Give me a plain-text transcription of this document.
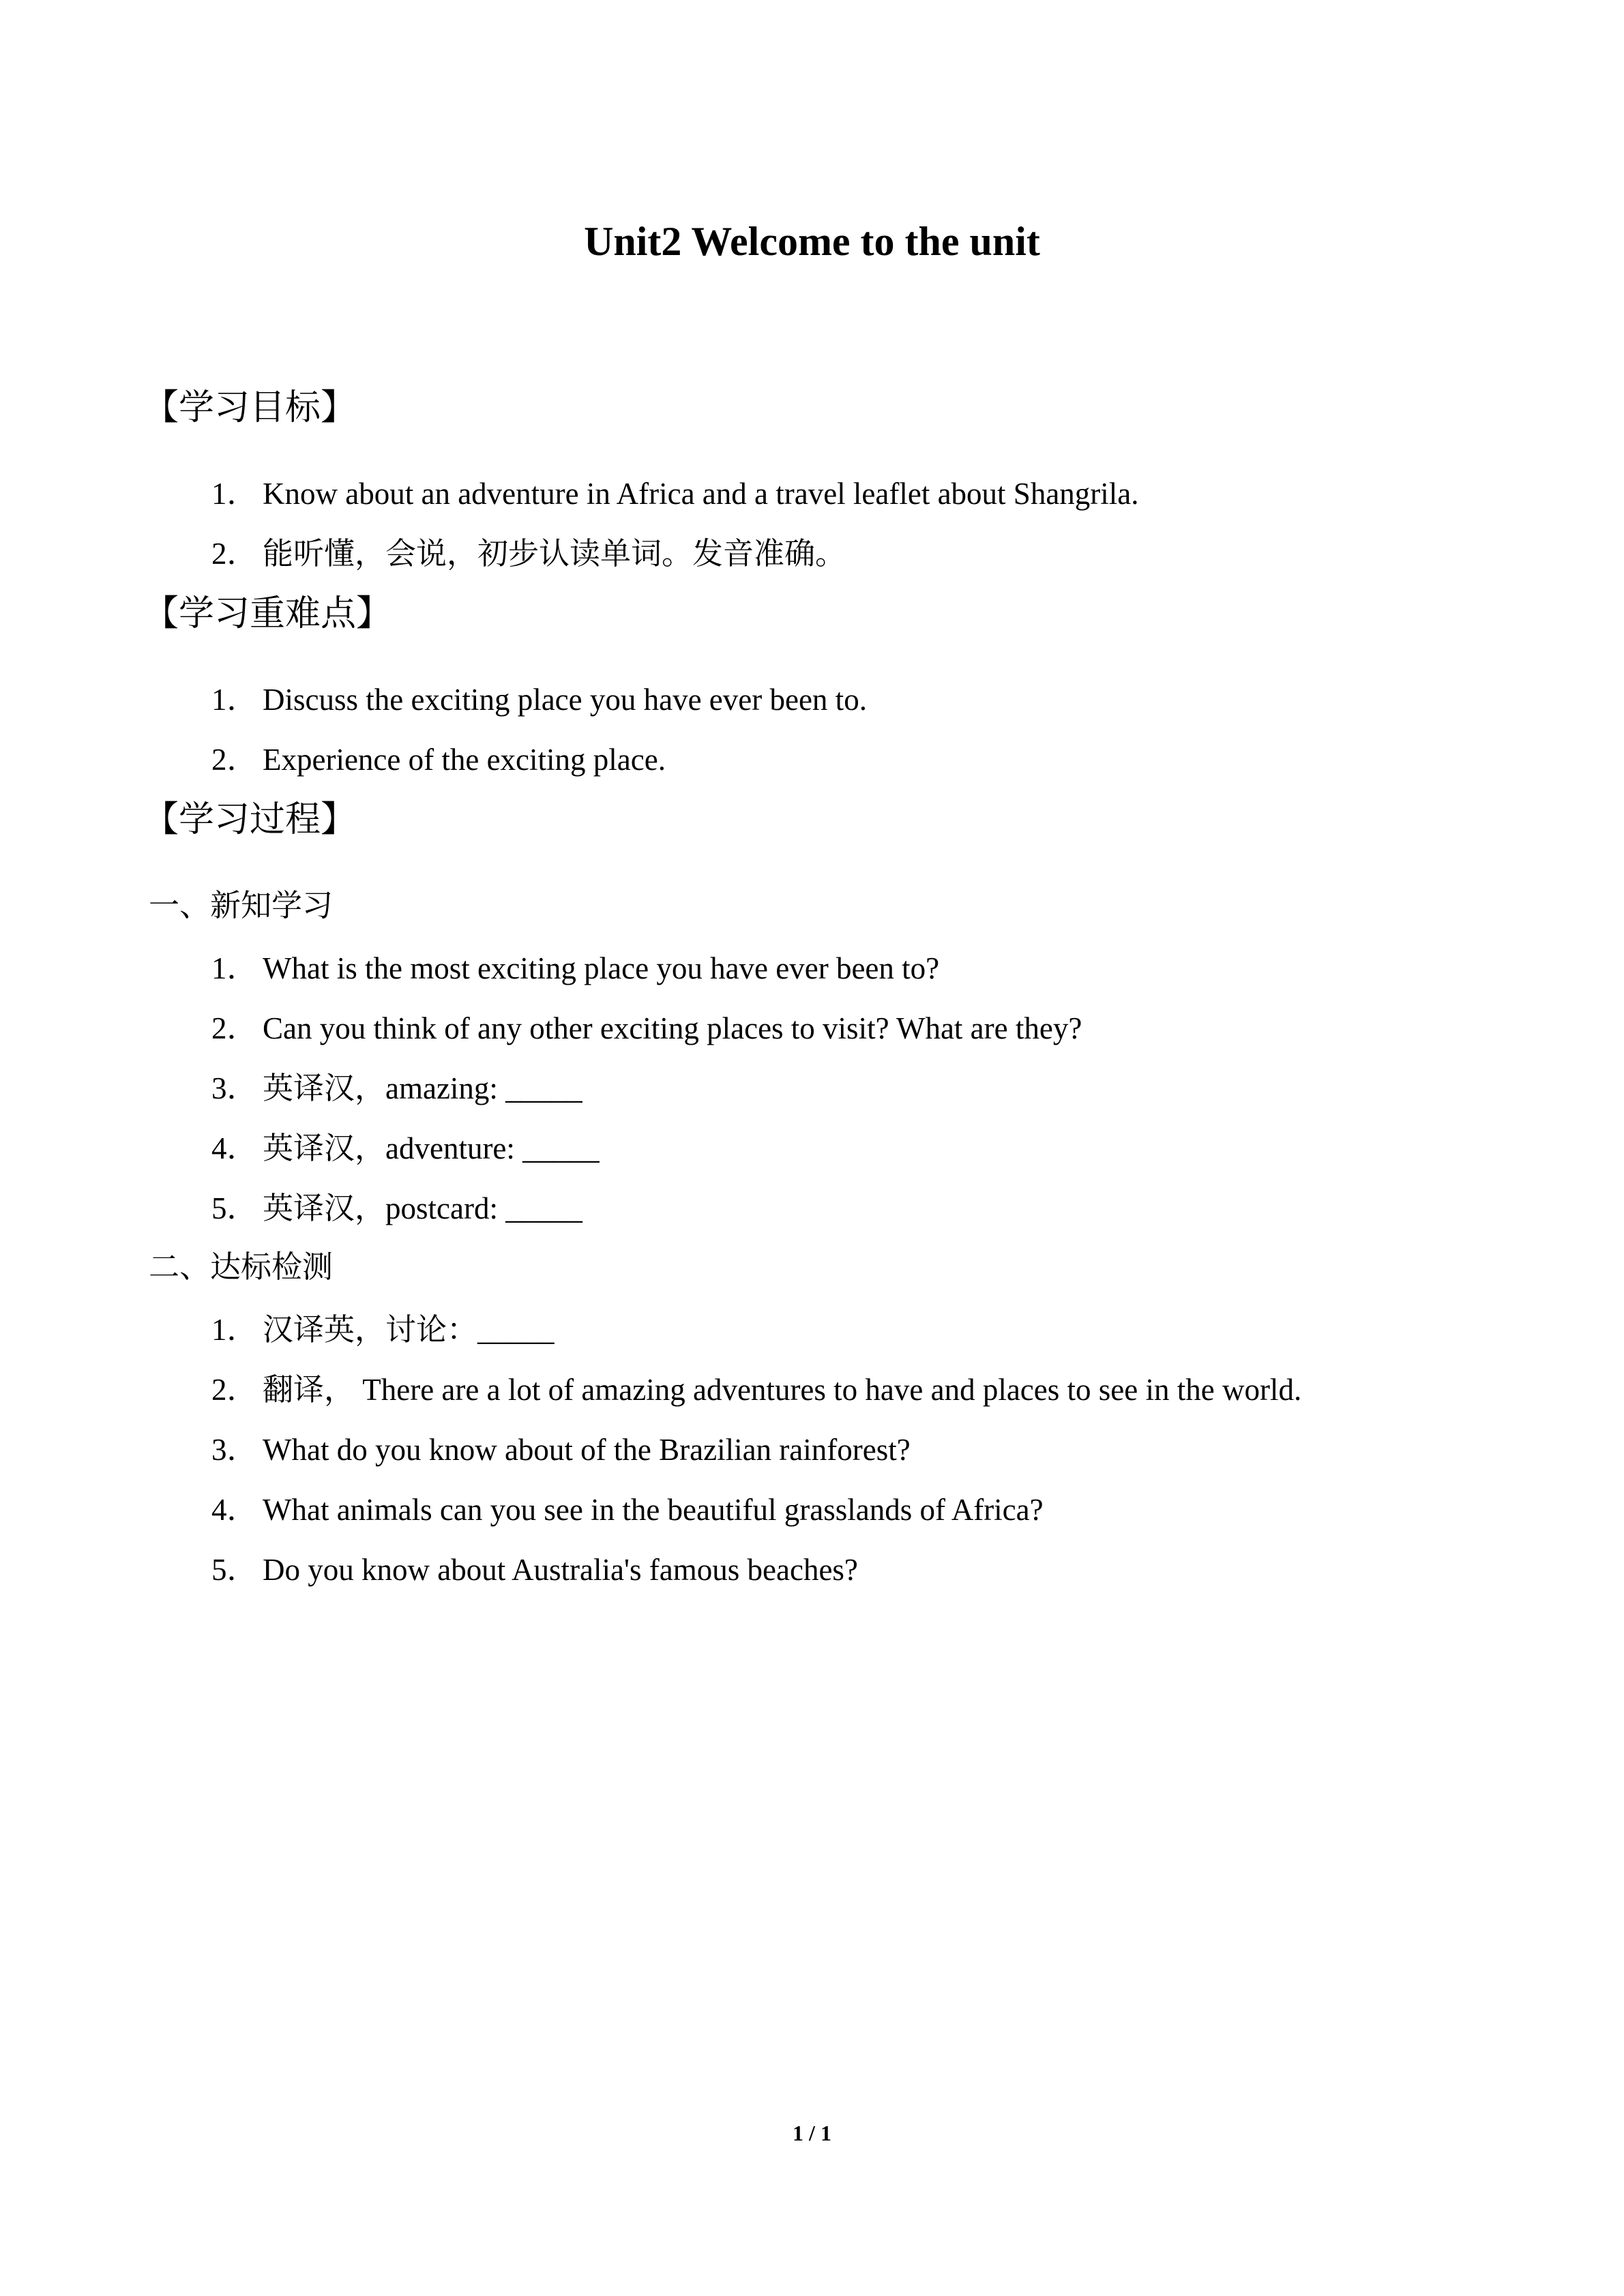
Unit2 Welcome to the unit
【学习目标】
1． Know about an adventure in Africa and a travel leaflet about Shangrila.
2． 能听懂，会说，初步认读单词。发音准确。
【学习重难点】
1． Discuss the exciting place you have ever been to.
2． Experience of the exciting place.
【学习过程】
一、新知学习
1． What is the most exciting place you have ever been to?
2． Can you think of any other exciting places to visit? What are they?
3． 英译汉，amazing: _____
4． 英译汉，adventure: _____
5． 英译汉，postcard: _____
二、达标检测
1． 汉译英，讨论：_____
2． 翻译， There are a lot of amazing adventures to have and places to see in the world.
3． What do you know about of the Brazilian rainforest?
4． What animals can you see in the beautiful grasslands of Africa?
5． Do you know about Australia's famous beaches?
1 / 1
